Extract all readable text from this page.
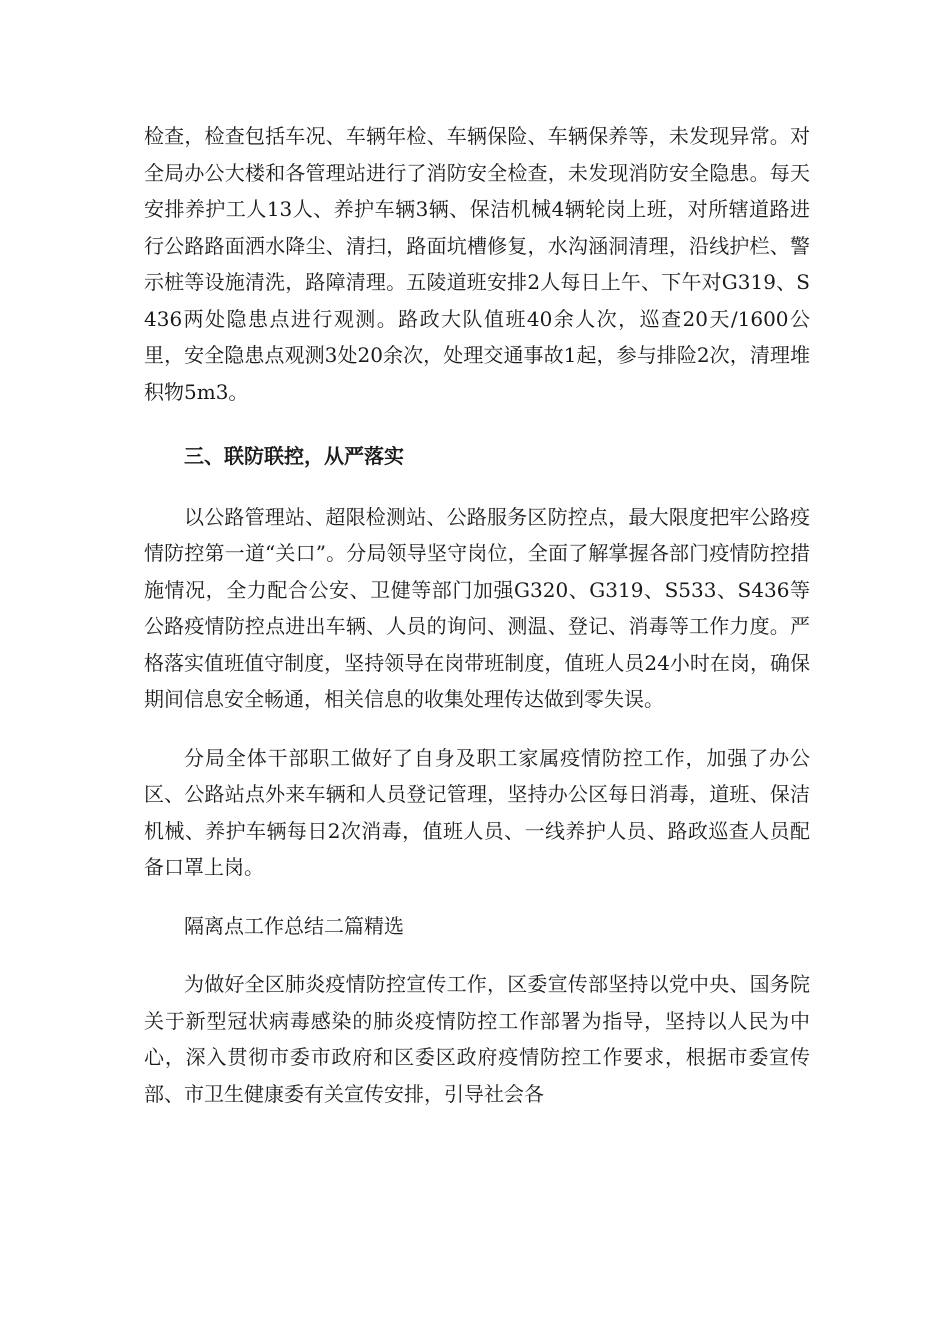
检查，检查包括车况、车辆年检、车辆保险、车辆保养等，未发现异常。对全局办公大楼和各管理站进行了消防安全检查，未发现消防安全隐患。每天安排养护工人13人、养护车辆3辆、保洁机械4辆轮岗上班，对所辖道路进行公路路面洒水降尘、清扫，路面坑槽修复，水沟涵洞清理，沿线护栏、警示桩等设施清洗，路障清理。五陵道班安排2人每日上午、下午对G319、S436两处隐患点进行观测。路政大队值班40余人次，巡查20天/1600公里，安全隐患点观测3处20余次，处理交通事故1起，参与排险2次，清理堆积物5m3。

三、联防联控，从严落实

以公路管理站、超限检测站、公路服务区防控点，最大限度把牢公路疫情防控第一道“关口”。分局领导坚守岗位，全面了解掌握各部门疫情防控措施情况，全力配合公安、卫健等部门加强G320、G319、S533、S436等公路疫情防控点进出车辆、人员的询问、测温、登记、消毒等工作力度。严格落实值班值守制度，坚持领导在岗带班制度，值班人员24小时在岗，确保期间信息安全畅通，相关信息的收集处理传达做到零失误。

分局全体干部职工做好了自身及职工家属疫情防控工作，加强了办公区、公路站点外来车辆和人员登记管理，坚持办公区每日消毒，道班、保洁机械、养护车辆每日2次消毒，值班人员、一线养护人员、路政巡查人员配备口罩上岗。

隔离点工作总结二篇精选

为做好全区肺炎疫情防控宣传工作，区委宣传部坚持以党中央、国务院关于新型冠状病毒感染的肺炎疫情防控工作部署为指导，坚持以人民为中心，深入贯彻市委市政府和区委区政府疫情防控工作要求，根据市委宣传部、市卫生健康委有关宣传安排，引导社会各
